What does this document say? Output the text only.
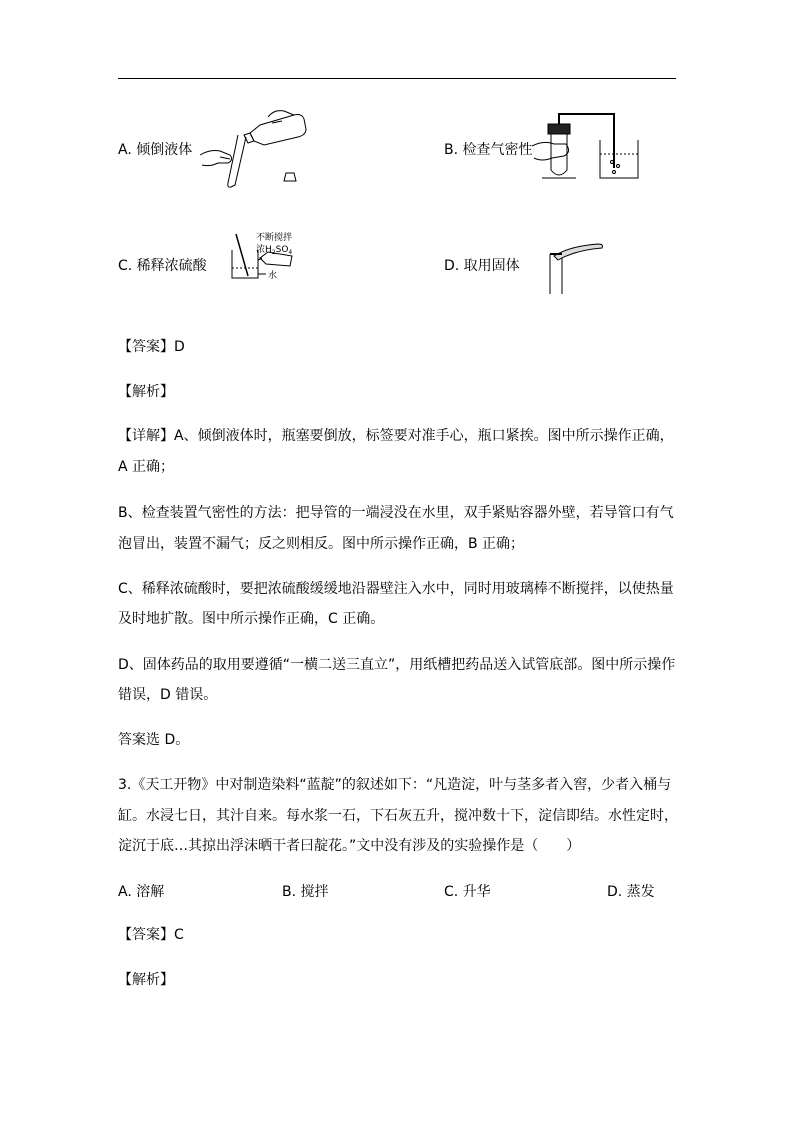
A. 倾倒液体	B. 检查气密性
C. 稀释浓硫酸
不断搅拌
浓$H_2SO_4$
水
D. 取用固体
【答案】D
【解析】
【详解】A、倾倒液体时，瓶塞要倒放，标签要对准手心，瓶口紧挨。图中所示操作正确，
A 正确；
B、检查装置气密性的方法：把导管的一端浸没在水里，双手紧贴容器外壁，若导管口有气
泡冒出，装置不漏气；反之则相反。图中所示操作正确，B 正确；
C、稀释浓硫酸时，要把浓硫酸缓缓地沿器壁注入水中，同时用玻璃棒不断搅拌，以使热量
及时地扩散。图中所示操作正确，C 正确。
D、固体药品的取用要遵循“一横二送三直立”，用纸槽把药品送入试管底部。图中所示操作
错误，D 错误。
答案选 D。
3.《天工开物》中对制造染料“蓝靛”的叙述如下：“凡造淀，叶与茎多者入窖，少者入桶与
缸。水浸七日，其汁自来。每水浆一石，下石灰五升，搅冲数十下，淀信即结。水性定时，
淀沉于底…其掠出浮沫晒干者曰靛花。”文中没有涉及的实验操作是（　　）
A. 溶解	B. 搅拌	C. 升华	D. 蒸发
【答案】C
【解析】
